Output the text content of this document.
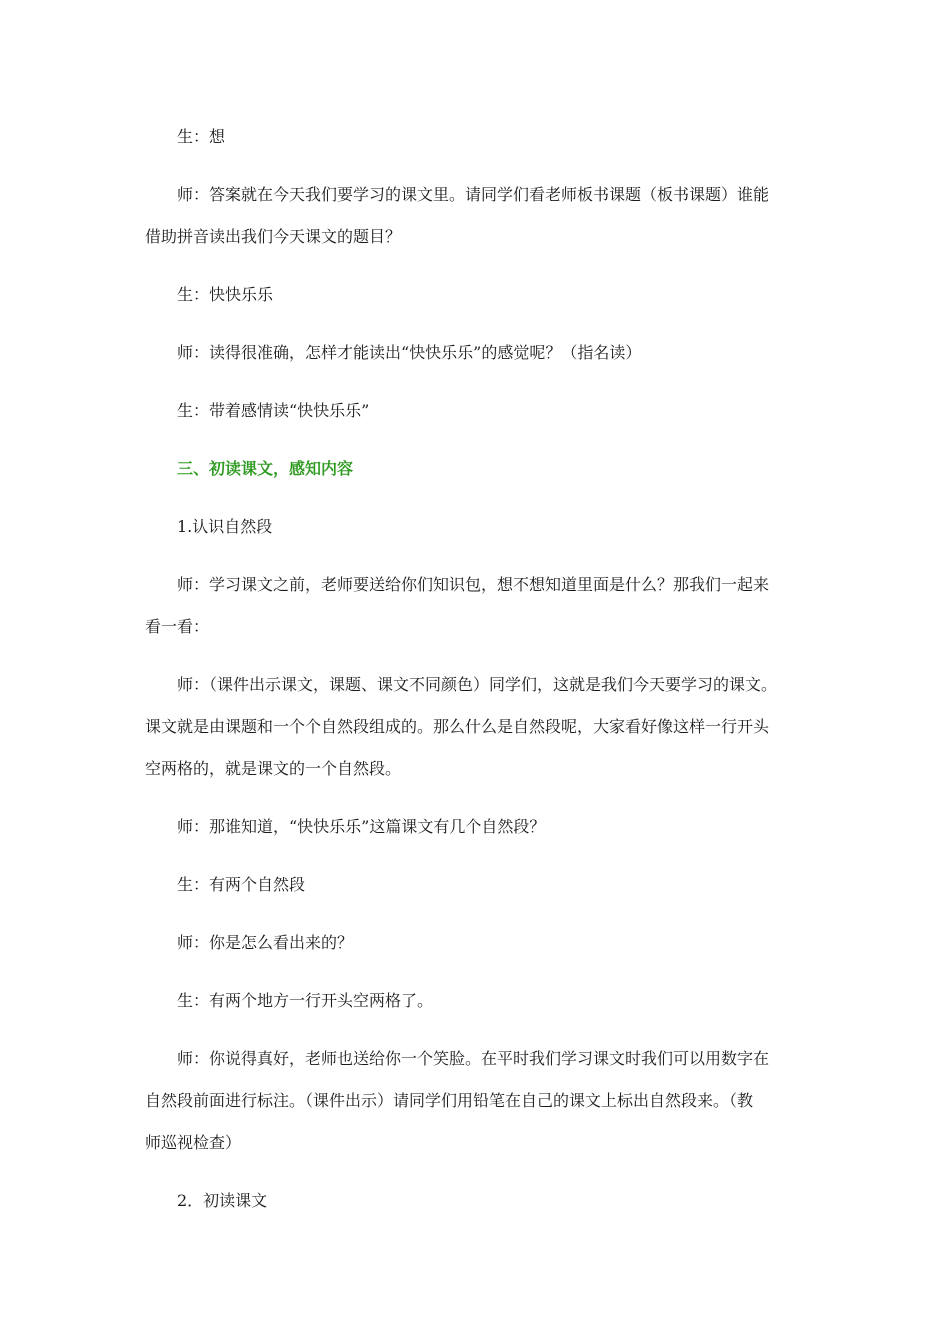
　　生：想
　　师：答案就在今天我们要学习的课文里。请同学们看老师板书课题（板书课题）谁能
借助拼音读出我们今天课文的题目？
　　生：快快乐乐
　　师：读得很准确，怎样才能读出“快快乐乐”的感觉呢？（指名读）
　　生：带着感情读“快快乐乐”
　　三、初读课文，感知内容
　　1.认识自然段
　　师：学习课文之前，老师要送给你们知识包，想不想知道里面是什么？那我们一起来
看一看：
　　师：（课件出示课文，课题、课文不同颜色）同学们，这就是我们今天要学习的课文。
课文就是由课题和一个个自然段组成的。那么什么是自然段呢，大家看好像这样一行开头
空两格的，就是课文的一个自然段。
　　师：那谁知道，“快快乐乐”这篇课文有几个自然段？
　　生：有两个自然段
　　师：你是怎么看出来的？
　　生：有两个地方一行开头空两格了。
　　师：你说得真好，老师也送给你一个笑脸。在平时我们学习课文时我们可以用数字在
自然段前面进行标注。（课件出示）请同学们用铅笔在自己的课文上标出自然段来。（教
师巡视检查）
　　2．初读课文
